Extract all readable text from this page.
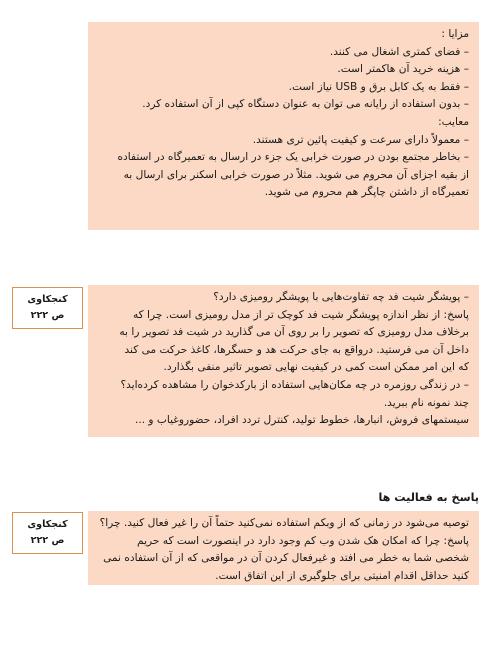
مزایا :

– فضای کمتری اشغال می کنند.

– هزینه خرید آن هاکمتر است.

– فقط به یک کابل برق و USB نیاز است.

– بدون استفاده از رایانه می توان به عنوان دستگاه کپی از آن استفاده کرد.

معایب:

– معمولاً دارای سرعت و کیفیت پائین تری هستند.

– بخاطر مجتمع بودن در صورت خرابی یک جزء در ارسال به تعمیرگاه در استفاده

از بقیه اجزای آن محروم می شوید. مثلاً در صورت خرابی اسکنر برای ارسال به

تعمیرگاه از داشتن چاپگر هم محروم می شوید.

کنجکاوی
ص ۲۲۲

– پویشگر شیت فد چه تفاوت‌هایی با پویشگر رومیزی دارد؟

پاسخ: از نظر اندازه پویشگر شیت فد کوچک تر از مدل رومیزی است. چرا که

برخلاف مدل رومیزی که تصویر را بر روی آن می گذارید در شیت فد تصویر را به

داخل آن می فرستید. درواقع به جای حرکت هد و حسگرها، کاغذ حرکت می کند

که این امر ممکن است کمی در کیفیت نهایی تصویر تاثیر منفی بگذارد.

– در زندگی روزمره در چه مکان‌هایی استفاده از بارکدخوان را مشاهده کرده‌اید؟

چند نمونه نام ببرید.

سیستمهای فروش، انبارها، خطوط تولید، کنترل تردد افراد، حضوروغیاب و ...

پاسخ به فعالیت ها
کنجکاوی
ص ۲۲۲

توصیه می‌شود در زمانی که از وبکم استفاده نمی‌کنید حتماً آن را غیر فعال کنید. چرا؟

پاسخ: چرا که امکان هک شدن وب کم وجود دارد در اینصورت است که حریم

شخصی شما به خطر می افتد و غیرفعال کردن آن در مواقعی که از آن استفاده نمی

کنید حداقل اقدام امنیتی برای جلوگیری از این اتفاق است.
